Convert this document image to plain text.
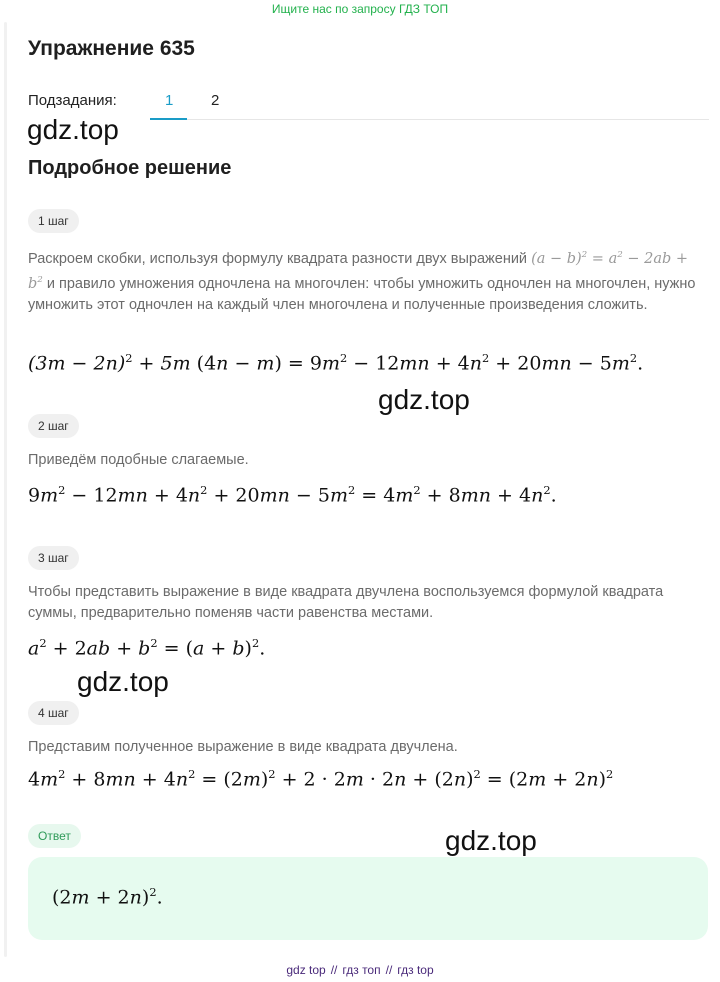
Ищите нас по запросу ГДЗ ТОП
Упражнение 635
Подзадания:	1	2
gdz.top
Подробное решение
1 шаг
Раскроем скобки, используя формулу квадрата разности двух выражений $(a - b)^2 = a^2 - 2ab + b^2$ и правило умножения одночлена на многочлен: чтобы умножить одночлен на многочлен, нужно умножить этот одночлен на каждый член многочлена и полученные произведения сложить.
$(3m - 2n)^2 + 5m$ $(4n - m) = 9m^2 - 12mn + 4n^2 + 20mn - 5m^2$.
gdz.top
2 шаг
Приведём подобные слагаемые.
$9m^2 - 12mn + 4n^2 + 20mn - 5m^2 = 4m^2 + 8mn + 4n^2$.
3 шаг
Чтобы представить выражение в виде квадрата двучлена воспользуемся формулой квадрата суммы, предварительно поменяв части равенства местами.
$a^2 + 2ab + b^2 = (a + b)^2$.
gdz.top
4 шаг
Представим полученное выражение в виде квадрата двучлена.
$4m^2 + 8mn + 4n^2 = (2m)^2 + 2 \cdot 2m \cdot 2n + (2n)^2 = (2m + 2n)^2$
Ответ	gdz.top
$(2m + 2n)^2$.
gdz top // гдз топ // гдз top
